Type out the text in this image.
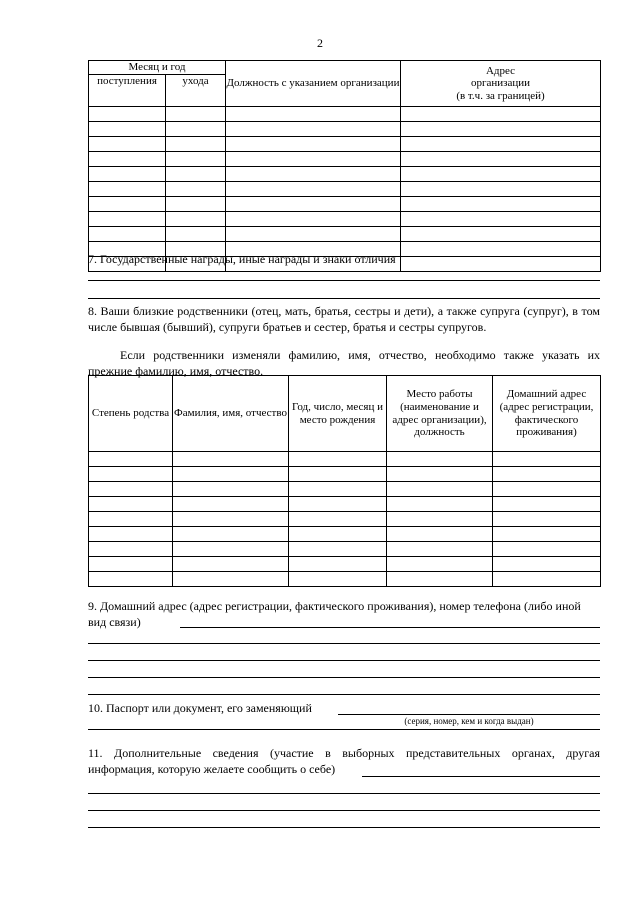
2
Месяц и год		Должность с указанием организации	Адрес
организации
(в т.ч. за границей)

поступления	ухода		

7. Государственные награды, иные награды и знаки отличия
8. Ваши близкие родственники (отец, мать, братья, сестры и дети), а также супруга (супруг), в том числе бывшая (бывший), супруги братьев и сестер, братья и сестры супругов.
Если родственники изменяли фамилию, имя, отчество, необходимо также указать их прежние фамилию, имя, отчество.
Степень родства	Фамилия, имя, отчество	Год, число, месяц и место рождения	Место работы (наименование и адрес организации), должность	Домашний адрес (адрес регистрации, фактического проживания)

9. Домашний адрес (адрес регистрации, фактического проживания), номер телефона (либо иной вид связи)
10. Паспорт или документ, его заменяющий
(серия, номер, кем и когда выдан)
11. Дополнительные сведения (участие в выборных представительных органах, другая информация, которую желаете сообщить о себе)
